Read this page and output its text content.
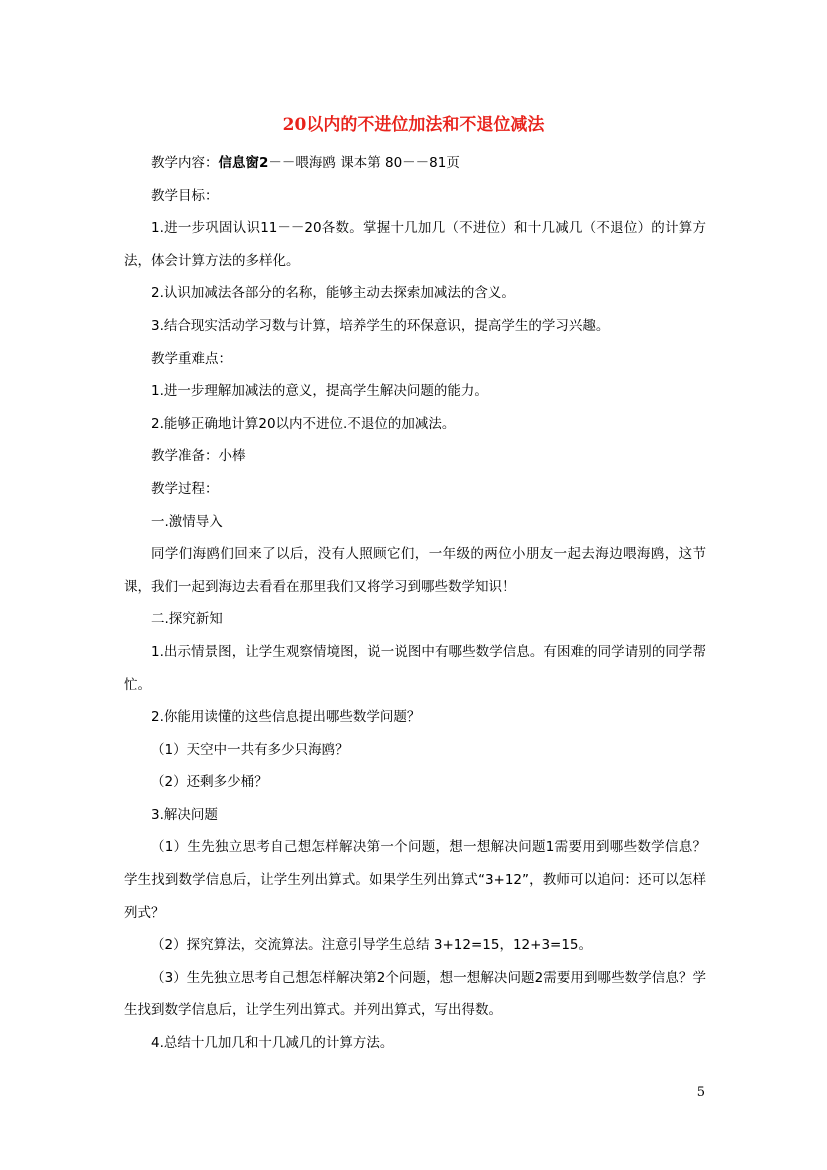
20以内的不进位加法和不退位减法

教学内容：信息窗2－－喂海鸥 课本第 80－－81页

教学目标：

1.进一步巩固认识11－－20各数。掌握十几加几（不进位）和十几减几（不退位）的计算方法，体会计算方法的多样化。

2.认识加减法各部分的名称，能够主动去探索加减法的含义。

3.结合现实活动学习数与计算，培养学生的环保意识，提高学生的学习兴趣。

教学重难点：

1.进一步理解加减法的意义，提高学生解决问题的能力。

2.能够正确地计算20以内不进位.不退位的加减法。

教学准备：小棒

教学过程：

一.激情导入

同学们海鸥们回来了以后，没有人照顾它们，一年级的两位小朋友一起去海边喂海鸥，这节课，我们一起到海边去看看在那里我们又将学习到哪些数学知识！

二.探究新知

1.出示情景图，让学生观察情境图，说一说图中有哪些数学信息。有困难的同学请别的同学帮忙。

2.你能用读懂的这些信息提出哪些数学问题？

（1）天空中一共有多少只海鸥？

（2）还剩多少桶？

3.解决问题

（1）生先独立思考自己想怎样解决第一个问题，想一想解决问题1需要用到哪些数学信息？学生找到数学信息后，让学生列出算式。如果学生列出算式“3+12”，教师可以追问：还可以怎样列式？

（2）探究算法，交流算法。注意引导学生总结 3+12=15，12+3=15。

（3）生先独立思考自己想怎样解决第2个问题，想一想解决问题2需要用到哪些数学信息？学生找到数学信息后，让学生列出算式。并列出算式，写出得数。

4.总结十几加几和十几减几的计算方法。

5
